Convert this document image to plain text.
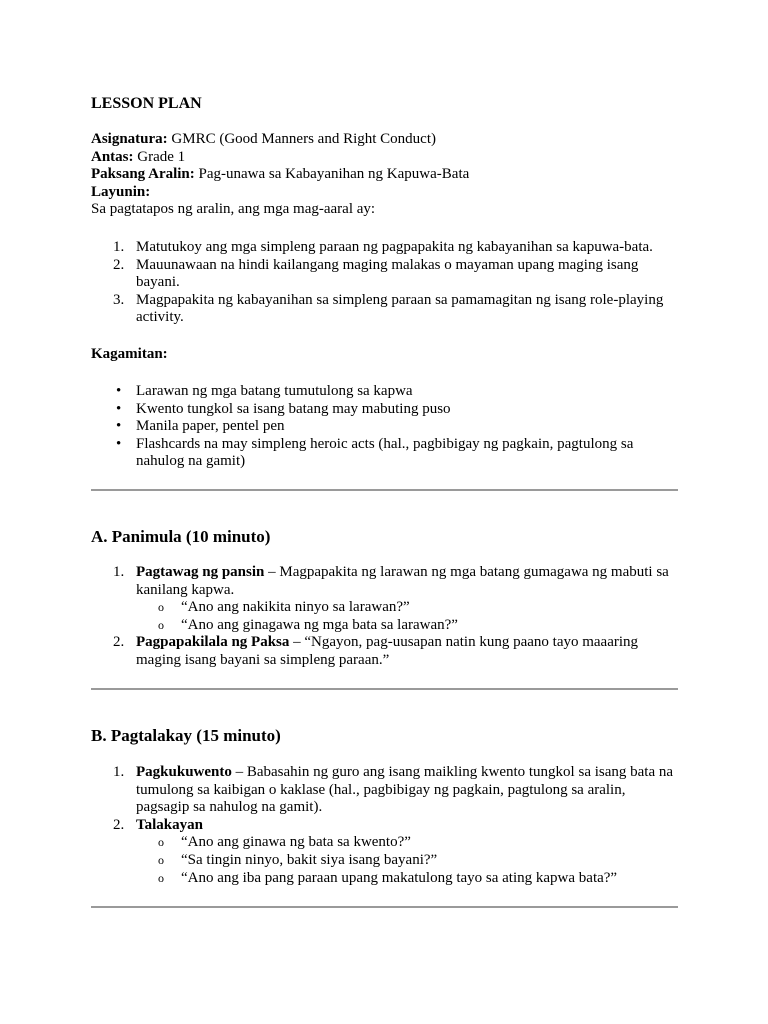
LESSON PLAN

Asignatura: GMRC (Good Manners and Right Conduct)

Antas: Grade 1

Paksang Aralin: Pag-unawa sa Kabayanihan ng Kapuwa-Bata

Layunin:

Sa pagtatapos ng aralin, ang mga mag-aaral ay:

1. Matutukoy ang mga simpleng paraan ng pagpapakita ng kabayanihan sa kapuwa-bata.
2. Mauunawaan na hindi kailangang maging malakas o mayaman upang maging isang bayani.
3. Magpapakita ng kabayanihan sa simpleng paraan sa pamamagitan ng isang role-playing activity.

Kagamitan:

• Larawan ng mga batang tumutulong sa kapwa
• Kwento tungkol sa isang batang may mabuting puso
• Manila paper, pentel pen
• Flashcards na may simpleng heroic acts (hal., pagbibigay ng pagkain, pagtulong sa nahulog na gamit)
A. Panimula (10 minuto)
1. Pagtawag ng pansin – Magpapakita ng larawan ng mga batang gumagawa ng mabuti sa kanilang kapwa.
o “Ano ang nakikita ninyo sa larawan?”
o “Ano ang ginagawa ng mga bata sa larawan?”
2. Pagpapakilala ng Paksa – “Ngayon, pag-uusapan natin kung paano tayo maaaring maging isang bayani sa simpleng paraan.”
B. Pagtalakay (15 minuto)
1. Pagkukuwento – Babasahin ng guro ang isang maikling kwento tungkol sa isang bata na tumulong sa kaibigan o kaklase (hal., pagbibigay ng pagkain, pagtulong sa aralin, pagsagip sa nahulog na gamit).
2. Talakayan
o “Ano ang ginawa ng bata sa kwento?”
o “Sa tingin ninyo, bakit siya isang bayani?”
o “Ano ang iba pang paraan upang makatulong tayo sa ating kapwa bata?”
